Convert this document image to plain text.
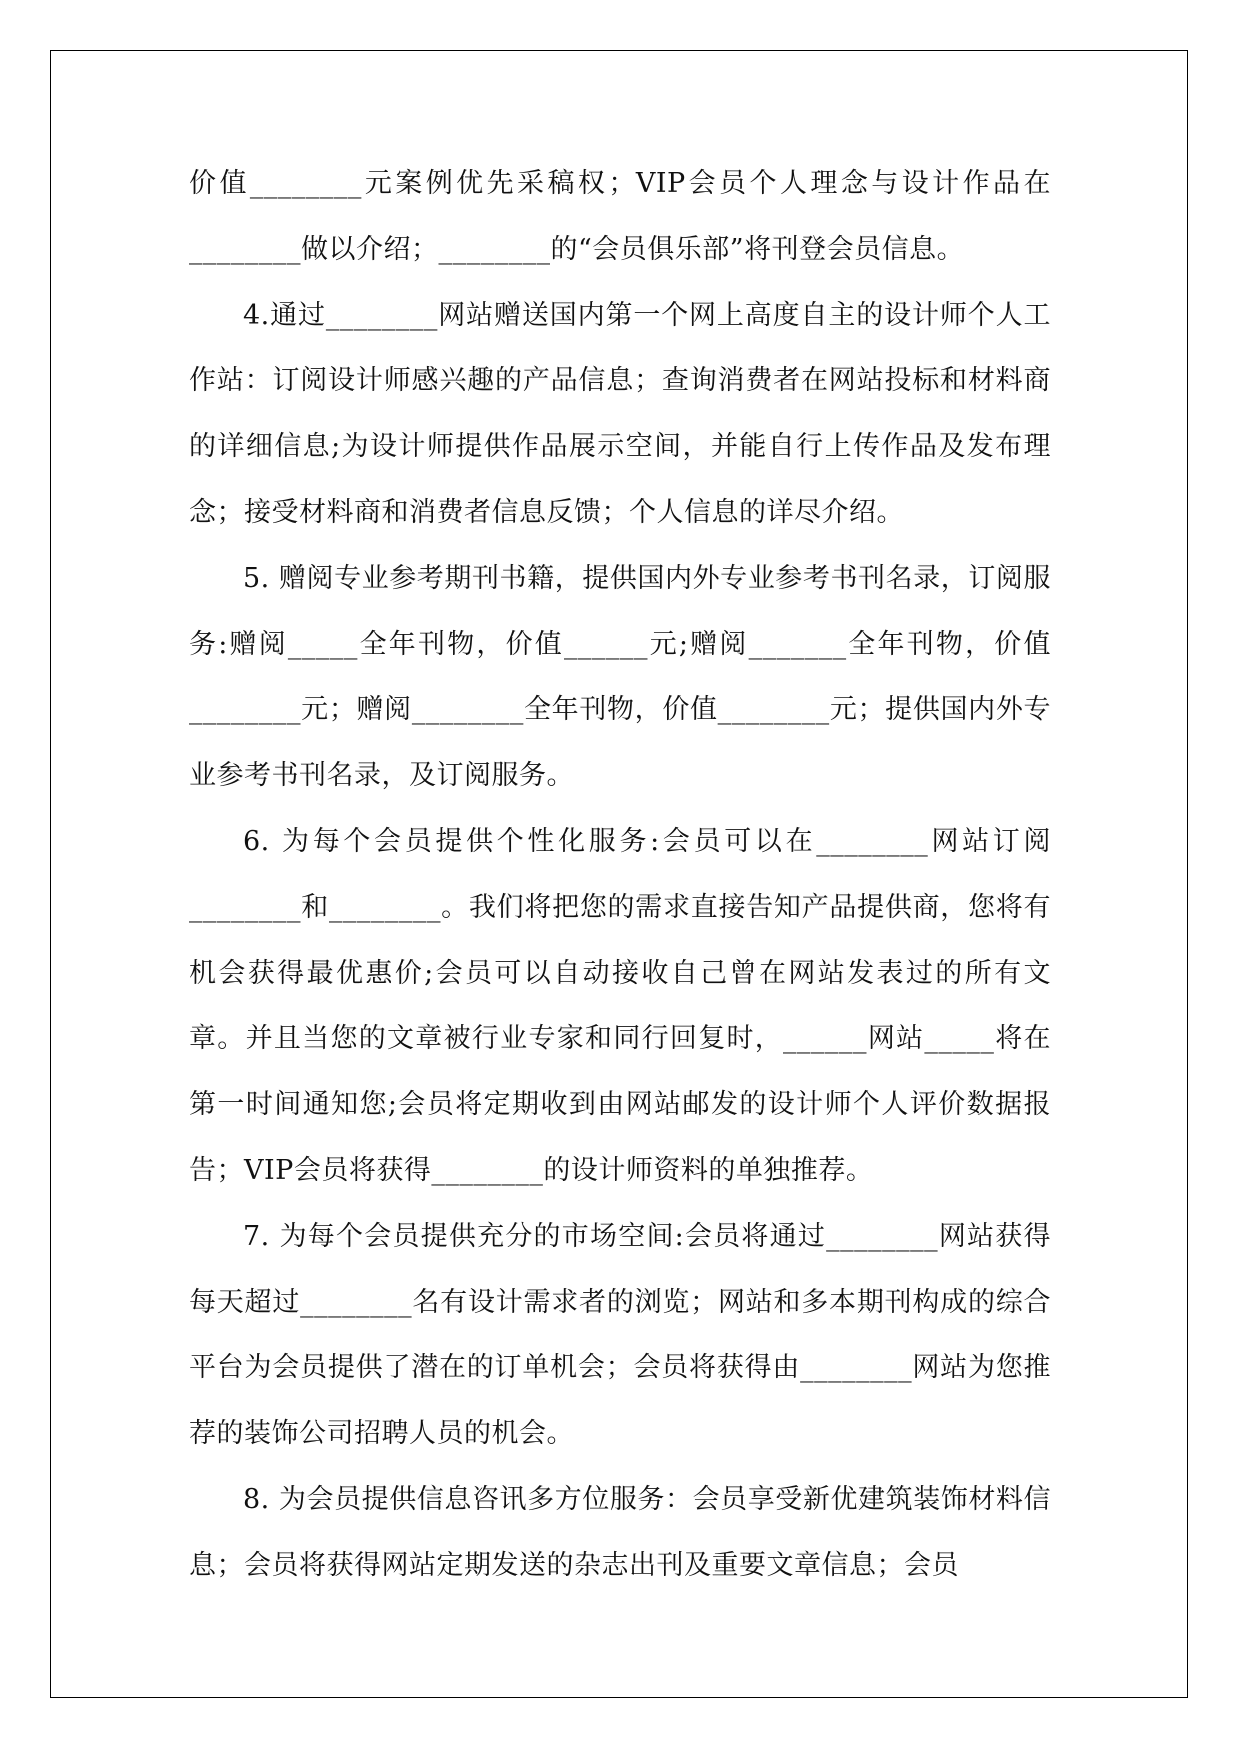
价值________元案例优先采稿权；VIP会员个人理念与设计作品在________做以介绍；________的“会员俱乐部”将刊登会员信息。

4.通过________网站赠送国内第一个网上高度自主的设计师个人工作站：订阅设计师感兴趣的产品信息；查询消费者在网站投标和材料商的详细信息;为设计师提供作品展示空间，并能自行上传作品及发布理念；接受材料商和消费者信息反馈；个人信息的详尽介绍。

5. 赠阅专业参考期刊书籍，提供国内外专业参考书刊名录，订阅服务:赠阅_____全年刊物，价值______元;赠阅_______全年刊物，价值________元；赠阅________全年刊物，价值________元；提供国内外专业参考书刊名录，及订阅服务。

6. 为每个会员提供个性化服务:会员可以在________网站订阅________和________。我们将把您的需求直接告知产品提供商，您将有机会获得最优惠价;会员可以自动接收自己曾在网站发表过的所有文章。并且当您的文章被行业专家和同行回复时，______网站_____将在第一时间通知您;会员将定期收到由网站邮发的设计师个人评价数据报告；VIP会员将获得________的设计师资料的单独推荐。

7. 为每个会员提供充分的市场空间:会员将通过________网站获得每天超过________名有设计需求者的浏览；网站和多本期刊构成的综合平台为会员提供了潜在的订单机会；会员将获得由________网站为您推荐的装饰公司招聘人员的机会。

8. 为会员提供信息咨讯多方位服务：会员享受新优建筑装饰材料信息；会员将获得网站定期发送的杂志出刊及重要文章信息；会员
